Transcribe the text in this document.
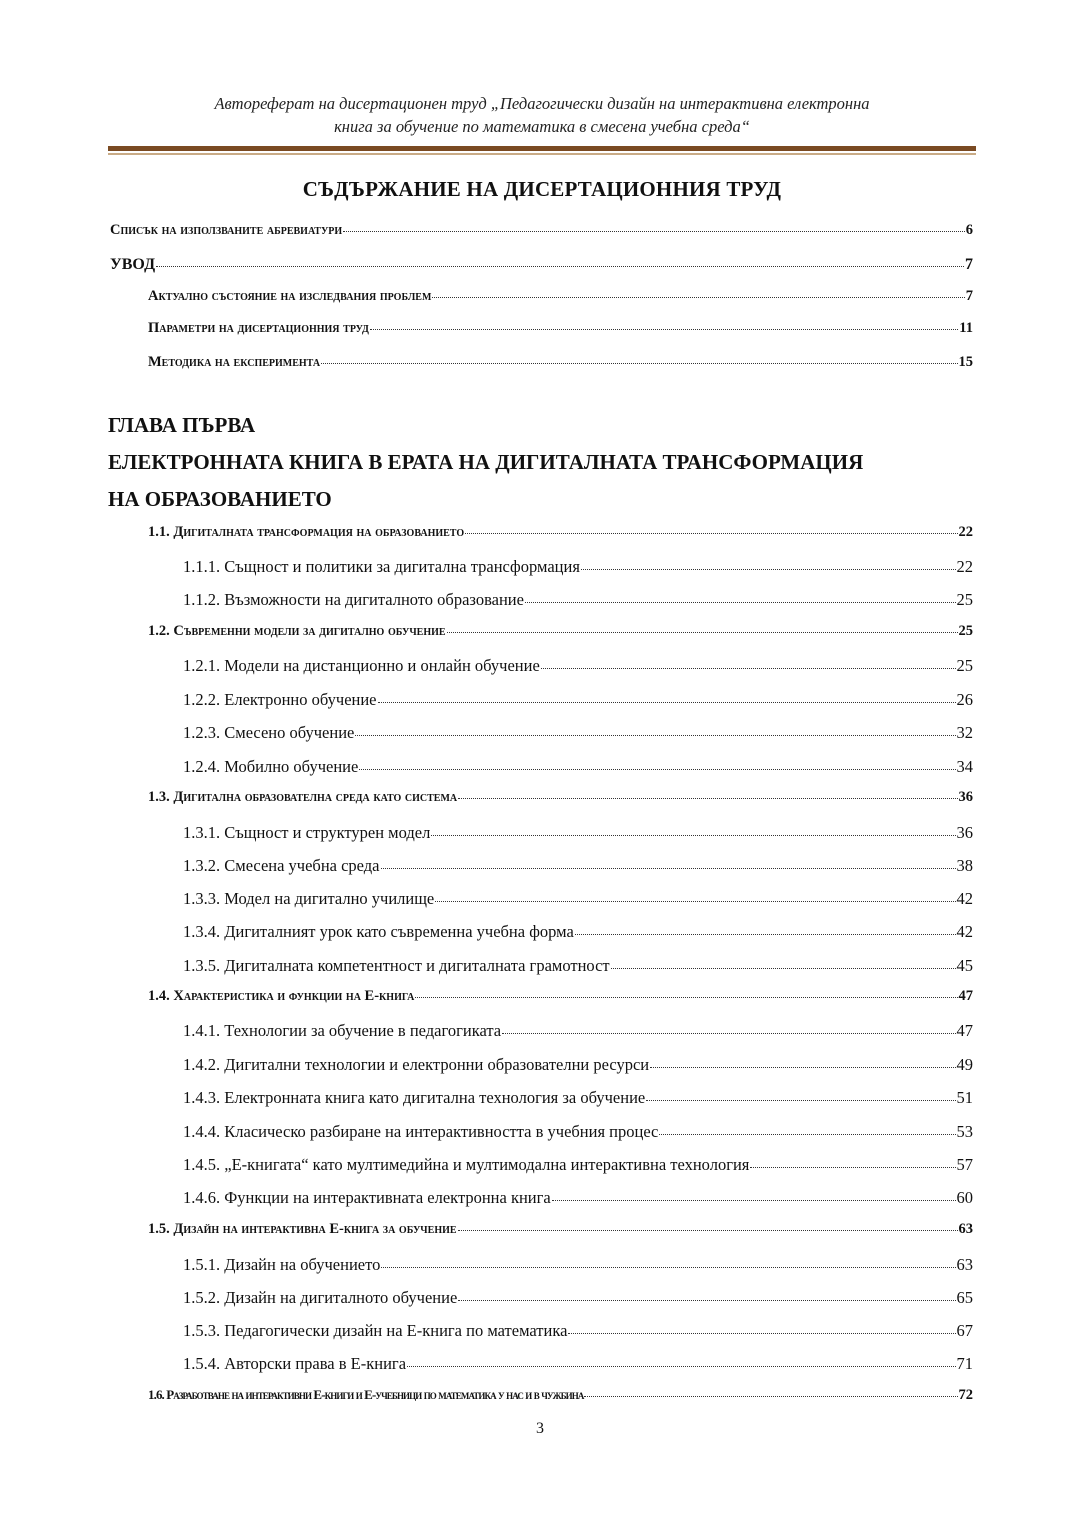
Автореферат на дисертационен труд „Педагогически дизайн на интерактивна електронна
книга за обучение по математика в смесена учебна среда“
СЪДЪРЖАНИЕ НА ДИСЕРТАЦИОННИЯ ТРУД
Списък на използваните абревиатури	6
УВОД	7
Актуално състояние на изследвания проблем	7
Параметри на дисертационния труд	11
Методика на експеримента	15
ГЛАВА ПЪРВА
ЕЛЕКТРОННАТА КНИГА В ЕРАТА НА ДИГИТАЛНАТА ТРАНСФОРМАЦИЯ
НА ОБРАЗОВАНИЕТО
1.1. Дигиталната трансформация на образованието	22
1.1.1. Същност и политики за дигитална трансформация	22
1.1.2. Възможности на дигиталното образование	25
1.2. Съвременни модели за дигитално обучение	25
1.2.1. Модели на дистанционно и онлайн обучение	25
1.2.2. Електронно обучение	26
1.2.3. Смесено обучение	32
1.2.4. Мобилно обучение	34
1.3. Дигитална образователна среда като система	36
1.3.1. Същност и структурен модел	36
1.3.2. Смесена учебна среда	38
1.3.3. Модел на дигитално училище	42
1.3.4. Дигиталният урок като съвременна учебна форма	42
1.3.5. Дигиталната компетентност и дигиталната грамотност	45
1.4. Характеристика и функции на Е-книга	47
1.4.1. Технологии за обучение в педагогиката	47
1.4.2. Дигитални технологии и електронни образователни ресурси	49
1.4.3. Електронната книга като дигитална технология за обучение	51
1.4.4. Класическо разбиране на интерактивността в учебния процес	53
1.4.5. „Е-книгата“ като мултимедийна и мултимодална интерактивна технология	57
1.4.6. Функции на интерактивната електронна книга	60
1.5. Дизайн на интерактивна Е-книга за обучение	63
1.5.1. Дизайн на обучението	63
1.5.2. Дизайн на дигиталното обучение	65
1.5.3. Педагогически дизайн на Е-книга по математика	67
1.5.4. Авторски права в Е-книга	71
1.6. Разработване на интерактивни Е-книги и Е-учебници по математика у нас и в чужбина	72
3
